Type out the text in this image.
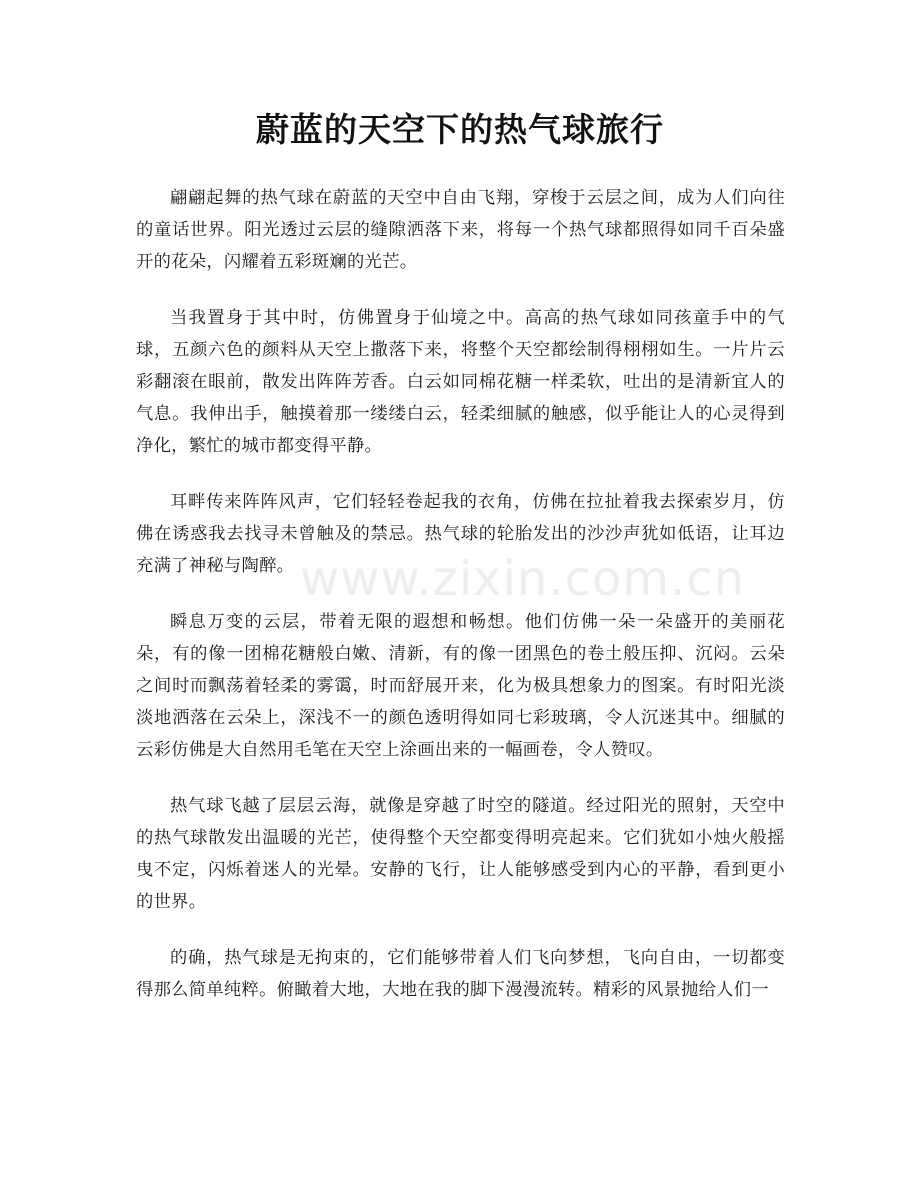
蔚蓝的天空下的热气球旅行

翩翩起舞的热气球在蔚蓝的天空中自由飞翔，穿梭于云层之间，成为人们向往的童话世界。阳光透过云层的缝隙洒落下来，将每一个热气球都照得如同千百朵盛开的花朵，闪耀着五彩斑斓的光芒。

当我置身于其中时，仿佛置身于仙境之中。高高的热气球如同孩童手中的气球，五颜六色的颜料从天空上撒落下来，将整个天空都绘制得栩栩如生。一片片云彩翻滚在眼前，散发出阵阵芳香。白云如同棉花糖一样柔软，吐出的是清新宜人的气息。我伸出手，触摸着那一缕缕白云，轻柔细腻的触感，似乎能让人的心灵得到净化，繁忙的城市都变得平静。

耳畔传来阵阵风声，它们轻轻卷起我的衣角，仿佛在拉扯着我去探索岁月，仿佛在诱惑我去找寻未曾触及的禁忌。热气球的轮胎发出的沙沙声犹如低语，让耳边充满了神秘与陶醉。

瞬息万变的云层，带着无限的遐想和畅想。他们仿佛一朵一朵盛开的美丽花朵，有的像一团棉花糖般白嫩、清新，有的像一团黑色的卷土般压抑、沉闷。云朵之间时而飘荡着轻柔的雾霭，时而舒展开来，化为极具想象力的图案。有时阳光淡淡地洒落在云朵上，深浅不一的颜色透明得如同七彩玻璃，令人沉迷其中。细腻的云彩仿佛是大自然用毛笔在天空上涂画出来的一幅画卷，令人赞叹。

热气球飞越了层层云海，就像是穿越了时空的隧道。经过阳光的照射，天空中的热气球散发出温暖的光芒，使得整个天空都变得明亮起来。它们犹如小烛火般摇曳不定，闪烁着迷人的光晕。安静的飞行，让人能够感受到内心的平静，看到更小的世界。

的确，热气球是无拘束的，它们能够带着人们飞向梦想，飞向自由，一切都变得那么简单纯粹。俯瞰着大地，大地在我的脚下漫漫流转。精彩的风景抛给人们一

www.zixin.com.cn
